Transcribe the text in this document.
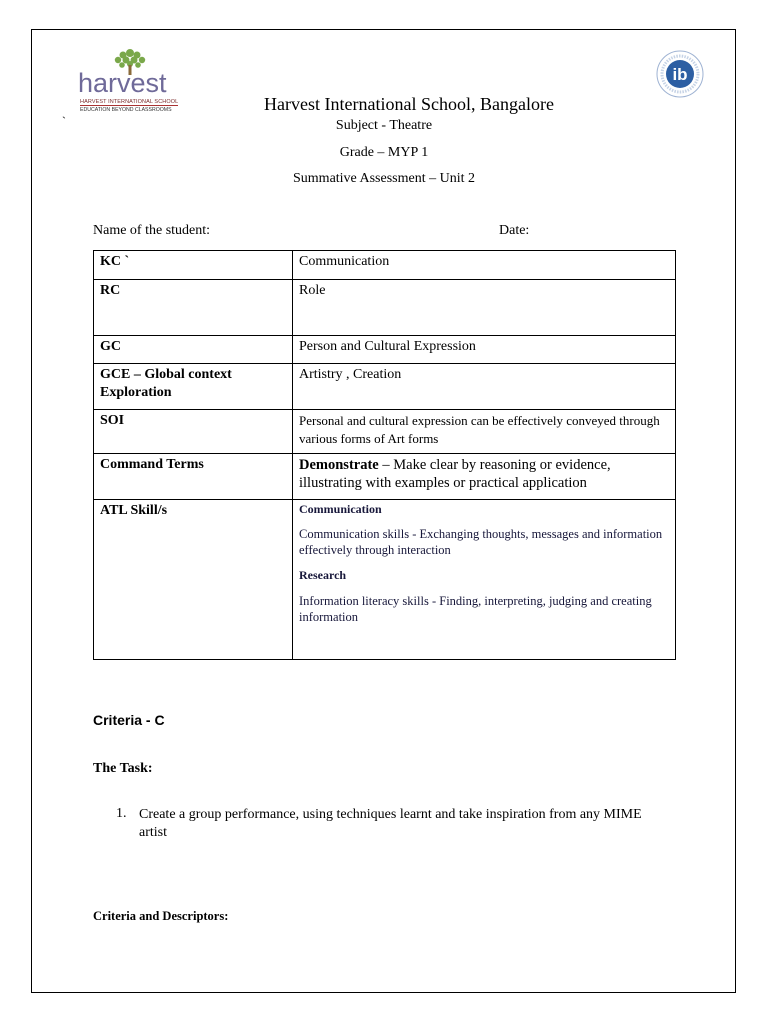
harvest
HARVEST INTERNATIONAL SCHOOL
EDUCATION BEYOND CLASSROOMS
ib
`
Harvest International School, Bangalore
Subject - Theatre
Grade – MYP 1
Summative Assessment – Unit 2
Name of the student:	Date:
KC `	Communication
RC	Role
GC	Person and Cultural Expression
GCE – Global context Exploration	Artistry , Creation
SOI	Personal and cultural expression can be effectively conveyed through various forms of Art forms
Command Terms	Demonstrate – Make clear by reasoning or evidence, illustrating with examples or practical application
ATL Skill/s	Communication

Communication skills - Exchanging thoughts, messages and information effectively through interaction

Research

Information literacy skills - Finding, interpreting, judging and creating information

Criteria - C
The Task:
1. Create a group performance, using techniques learnt and take inspiration from any MIME artist
Criteria and Descriptors:
